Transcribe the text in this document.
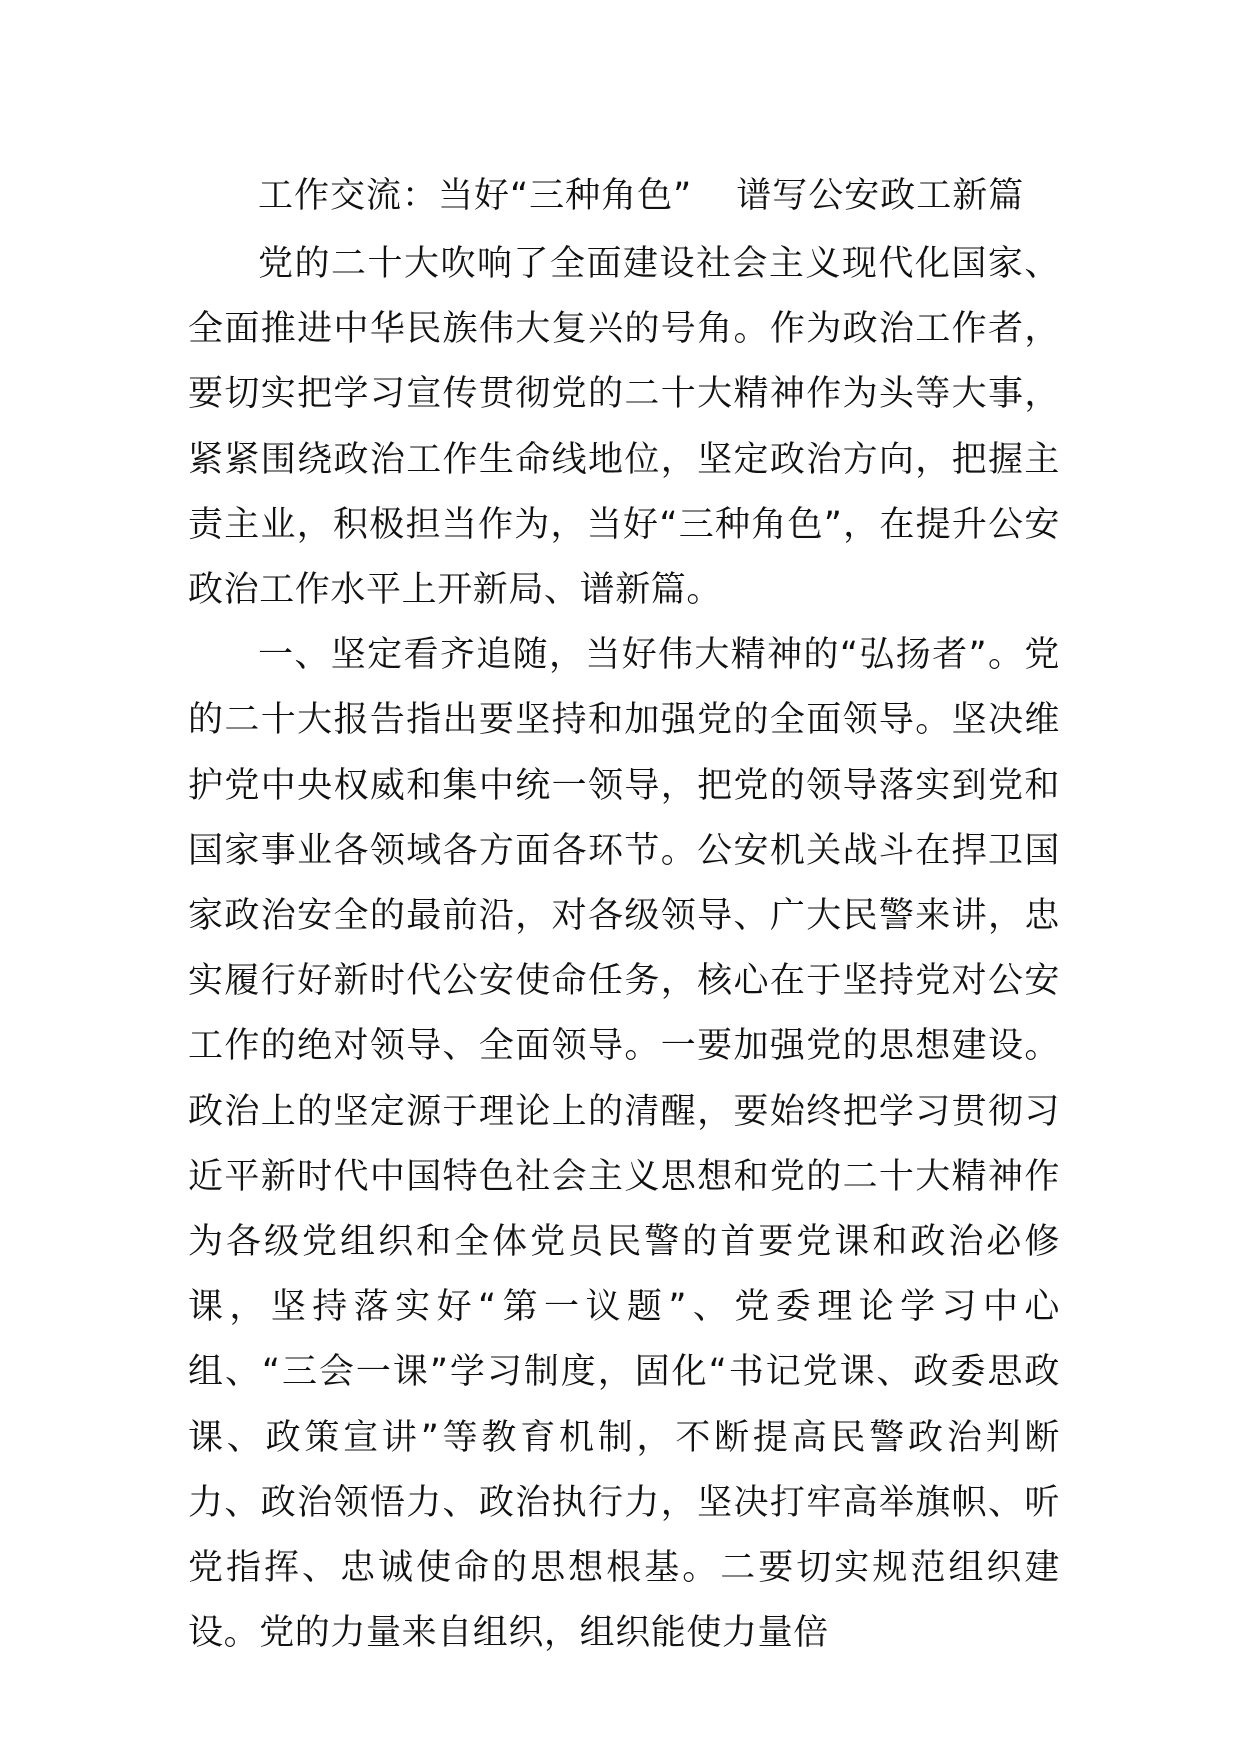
工作交流：当好“三种角色” 谱写公安政工新篇

党的二十大吹响了全面建设社会主义现代化国家、全面推进中华民族伟大复兴的号角。作为政治工作者，要切实把学习宣传贯彻党的二十大精神作为头等大事，紧紧围绕政治工作生命线地位，坚定政治方向，把握主责主业，积极担当作为，当好“三种角色”，在提升公安政治工作水平上开新局、谱新篇。

一、坚定看齐追随，当好伟大精神的“弘扬者”。党的二十大报告指出要坚持和加强党的全面领导。坚决维护党中央权威和集中统一领导，把党的领导落实到党和国家事业各领域各方面各环节。公安机关战斗在捍卫国家政治安全的最前沿，对各级领导、广大民警来讲，忠实履行好新时代公安使命任务，核心在于坚持党对公安工作的绝对领导、全面领导。一要加强党的思想建设。政治上的坚定源于理论上的清醒，要始终把学习贯彻习近平新时代中国特色社会主义思想和党的二十大精神作为各级党组织和全体党员民警的首要党课和政治必修课，坚持落实好“第一议题”、党委理论学习中心组、“三会一课”学习制度，固化“书记党课、政委思政课、政策宣讲”等教育机制，不断提高民警政治判断力、政治领悟力、政治执行力，坚决打牢高举旗帜、听党指挥、忠诚使命的思想根基。二要切实规范组织建设。党的力量来自组织，组织能使力量倍
